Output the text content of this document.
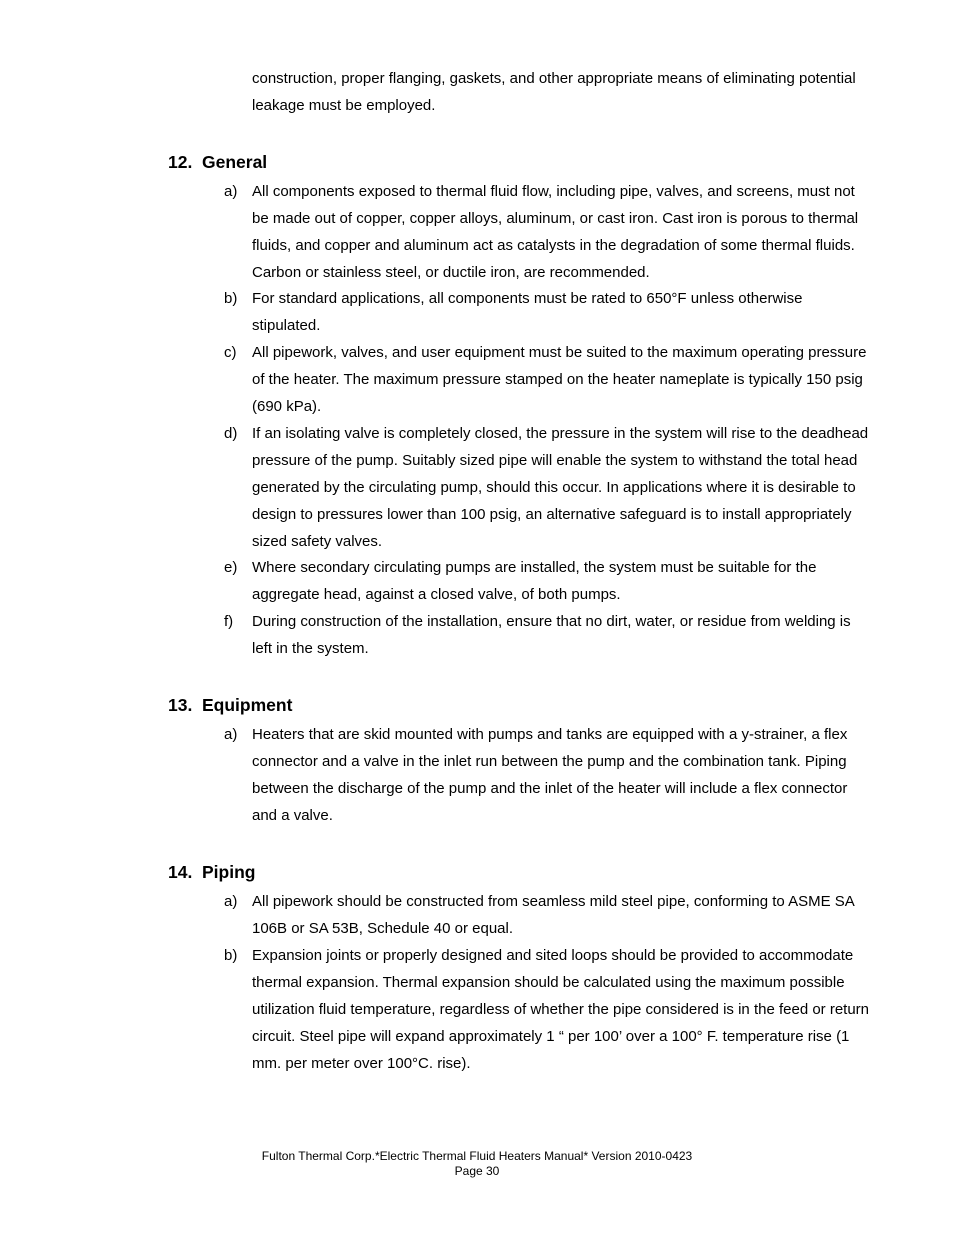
construction, proper flanging, gaskets, and other appropriate means of eliminating potential leakage must be employed.

12. General
a) All components exposed to thermal fluid flow, including pipe, valves, and screens, must not be made out of copper, copper alloys, aluminum, or cast iron. Cast iron is porous to thermal fluids, and copper and aluminum act as catalysts in the degradation of some thermal fluids. Carbon or stainless steel, or ductile iron, are recommended.
b) For standard applications, all components must be rated to 650°F unless otherwise stipulated.
c) All pipework, valves, and user equipment must be suited to the maximum operating pressure of the heater. The maximum pressure stamped on the heater nameplate is typically 150 psig (690 kPa).
d) If an isolating valve is completely closed, the pressure in the system will rise to the deadhead pressure of the pump. Suitably sized pipe will enable the system to withstand the total head generated by the circulating pump, should this occur. In applications where it is desirable to design to pressures lower than 100 psig, an alternative safeguard is to install appropriately sized safety valves.
e) Where secondary circulating pumps are installed, the system must be suitable for the aggregate head, against a closed valve, of both pumps.
f) During construction of the installation, ensure that no dirt, water, or residue from welding is left in the system.
13. Equipment
a) Heaters that are skid mounted with pumps and tanks are equipped with a y-strainer, a flex connector and a valve in the inlet run between the pump and the combination tank. Piping between the discharge of the pump and the inlet of the heater will include a flex connector and a valve.
14. Piping
a) All pipework should be constructed from seamless mild steel pipe, conforming to ASME SA 106B or SA 53B, Schedule 40 or equal.
b) Expansion joints or properly designed and sited loops should be provided to accommodate thermal expansion. Thermal expansion should be calculated using the maximum possible utilization fluid temperature, regardless of whether the pipe considered is in the feed or return circuit. Steel pipe will expand approximately 1 “ per 100’ over a 100° F. temperature rise (1 mm. per meter over 100°C. rise).
Fulton Thermal Corp.*Electric Thermal Fluid Heaters Manual* Version 2010-0423
Page 30
